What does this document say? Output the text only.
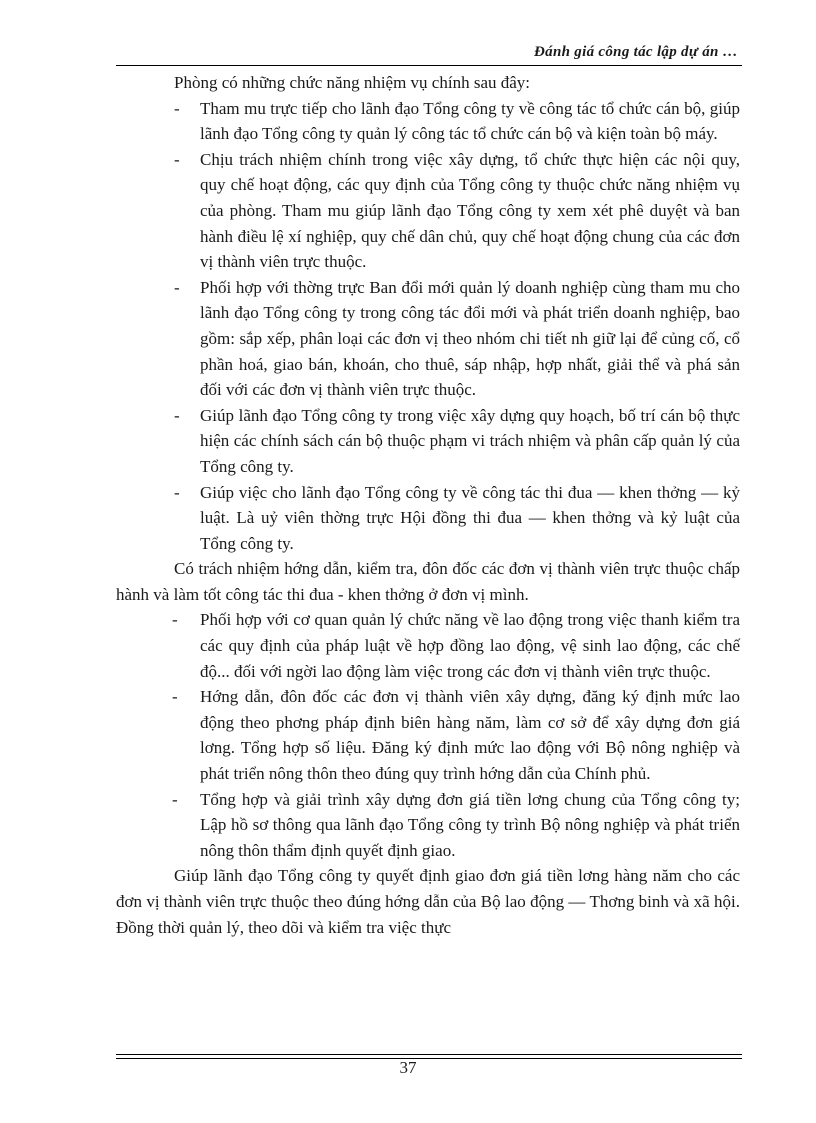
Đánh giá công tác lập dự án …

Phòng có những chức năng nhiệm vụ chính sau đây:

- Tham mu trực tiếp cho lãnh đạo Tổng công ty về công tác tổ chức cán bộ, giúp lãnh đạo Tổng công ty quản lý công tác tổ chức cán bộ và kiện toàn bộ máy.
- Chịu trách nhiệm chính trong việc xây dựng, tổ chức thực hiện các nội quy, quy chế hoạt động, các quy định của Tổng công ty thuộc chức năng nhiệm vụ của phòng. Tham mu giúp lãnh đạo Tổng công ty xem xét phê duyệt và ban hành điều lệ xí nghiệp, quy chế dân chủ, quy chế hoạt động chung của các đơn vị thành viên trực thuộc.
- Phối hợp với thờng trực Ban đổi mới quản lý doanh nghiệp cùng tham mu cho lãnh đạo Tổng công ty trong công tác đổi mới và phát triển doanh nghiệp, bao gồm: sắp xếp, phân loại các đơn vị theo nhóm chi tiết nh giữ lại để củng cố, cổ phần hoá, giao bán, khoán, cho thuê, sáp nhập, hợp nhất, giải thể và phá sản đối với các đơn vị thành viên trực thuộc.
- Giúp lãnh đạo Tổng công ty trong việc xây dựng quy hoạch, bố trí cán bộ thực hiện các chính sách cán bộ thuộc phạm vi trách nhiệm và phân cấp quản lý của Tổng công ty.
- Giúp việc cho lãnh đạo Tổng công ty về công tác thi đua — khen thởng — kỷ luật. Là uỷ viên thờng trực Hội đồng thi đua — khen thởng và kỷ luật của Tổng công ty.

Có trách nhiệm hớng dẫn, kiểm tra, đôn đốc các đơn vị thành viên trực thuộc chấp hành và làm tốt công tác thi đua - khen thởng ở đơn vị mình.

- Phối hợp với cơ quan quản lý chức năng về lao động trong việc thanh kiểm tra các quy định của pháp luật về hợp đồng lao động, vệ sinh lao động, các chế độ... đối với ngời lao động làm việc trong các đơn vị thành viên trực thuộc.
- Hớng dẫn, đôn đốc các đơn vị thành viên xây dựng, đăng ký định mức lao động theo phơng pháp định biên hàng năm, làm cơ sở để xây dựng đơn giá lơng. Tổng hợp số liệu. Đăng ký định mức lao động với Bộ nông nghiệp và phát triển nông thôn theo đúng quy trình hớng dẫn của Chính phủ.
- Tổng hợp và giải trình xây dựng đơn giá tiền lơng chung của Tổng công ty; Lập hồ sơ thông qua lãnh đạo Tổng công ty trình Bộ nông nghiệp và phát triển nông thôn thẩm định quyết định giao.

Giúp lãnh đạo Tổng công ty quyết định giao đơn giá tiền lơng hàng năm cho các đơn vị thành viên trực thuộc theo đúng hớng dẫn của Bộ lao động — Thơng binh và xã hội. Đồng thời quản lý, theo dõi và kiểm tra việc thực

37
